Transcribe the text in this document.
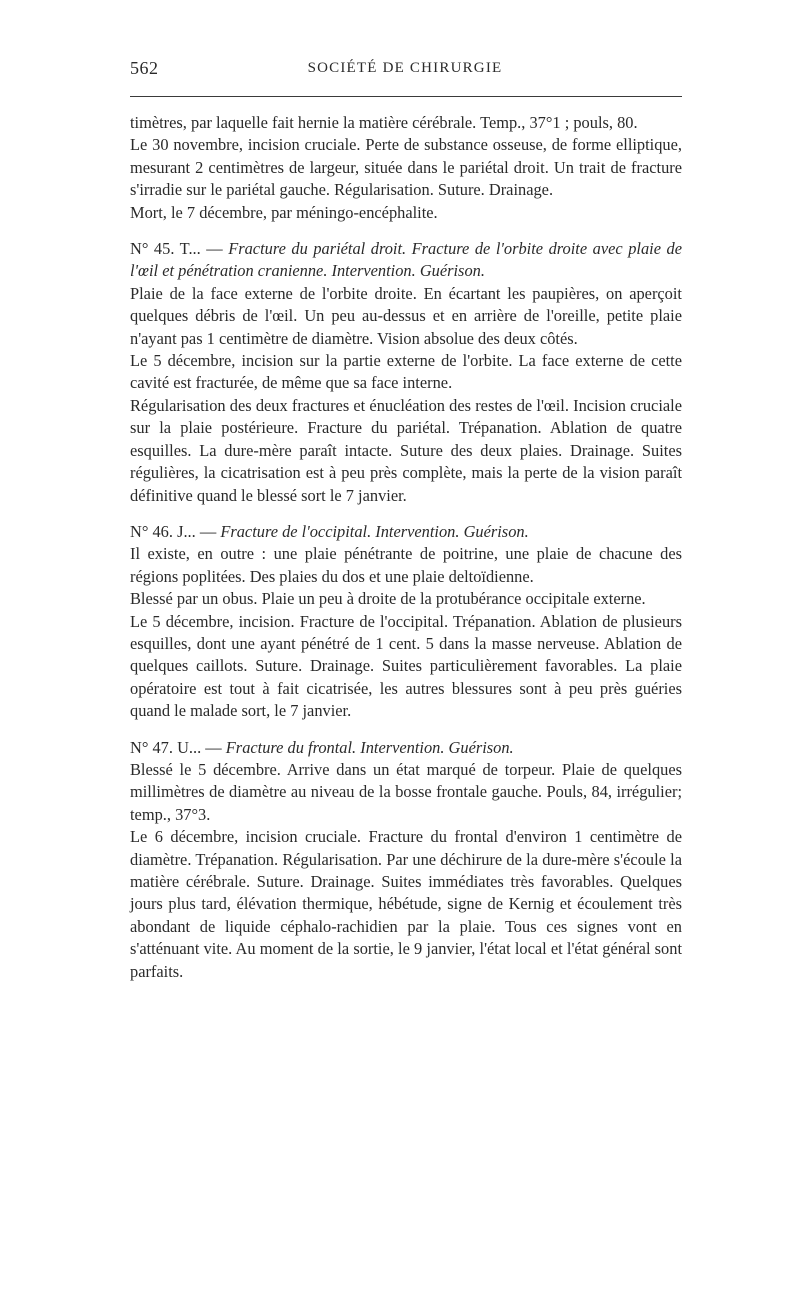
562	SOCIÉTÉ DE CHIRURGIE

timètres, par laquelle fait hernie la matière cérébrale. Temp., 37°1 ; pouls, 80.

Le 30 novembre, incision cruciale. Perte de substance osseuse, de forme elliptique, mesurant 2 centimètres de largeur, située dans le pariétal droit. Un trait de fracture s'irradie sur le pariétal gauche. Régularisation. Suture. Drainage.

Mort, le 7 décembre, par méningo-encéphalite.

N° 45. T... — Fracture du pariétal droit. Fracture de l'orbite droite avec plaie de l'œil et pénétration cranienne. Intervention. Guérison.

Plaie de la face externe de l'orbite droite. En écartant les paupières, on aperçoit quelques débris de l'œil. Un peu au-dessus et en arrière de l'oreille, petite plaie n'ayant pas 1 centimètre de diamètre. Vision absolue des deux côtés.

Le 5 décembre, incision sur la partie externe de l'orbite. La face externe de cette cavité est fracturée, de même que sa face interne.

Régularisation des deux fractures et énucléation des restes de l'œil. Incision cruciale sur la plaie postérieure. Fracture du pariétal. Trépanation. Ablation de quatre esquilles. La dure-mère paraît intacte. Suture des deux plaies. Drainage. Suites régulières, la cicatrisation est à peu près complète, mais la perte de la vision paraît définitive quand le blessé sort le 7 janvier.

N° 46. J... — Fracture de l'occipital. Intervention. Guérison.

Il existe, en outre : une plaie pénétrante de poitrine, une plaie de chacune des régions poplitées. Des plaies du dos et une plaie deltoïdienne.

Blessé par un obus. Plaie un peu à droite de la protubérance occipitale externe.

Le 5 décembre, incision. Fracture de l'occipital. Trépanation. Ablation de plusieurs esquilles, dont une ayant pénétré de 1 cent. 5 dans la masse nerveuse. Ablation de quelques caillots. Suture. Drainage. Suites particulièrement favorables. La plaie opératoire est tout à fait cicatrisée, les autres blessures sont à peu près guéries quand le malade sort, le 7 janvier.

N° 47. U... — Fracture du frontal. Intervention. Guérison.

Blessé le 5 décembre. Arrive dans un état marqué de torpeur. Plaie de quelques millimètres de diamètre au niveau de la bosse frontale gauche. Pouls, 84, irrégulier; temp., 37°3.

Le 6 décembre, incision cruciale. Fracture du frontal d'environ 1 centimètre de diamètre. Trépanation. Régularisation. Par une déchirure de la dure-mère s'écoule la matière cérébrale. Suture. Drainage. Suites immédiates très favorables. Quelques jours plus tard, élévation thermique, hébétude, signe de Kernig et écoulement très abondant de liquide céphalo-rachidien par la plaie. Tous ces signes vont en s'atténuant vite. Au moment de la sortie, le 9 janvier, l'état local et l'état général sont parfaits.
